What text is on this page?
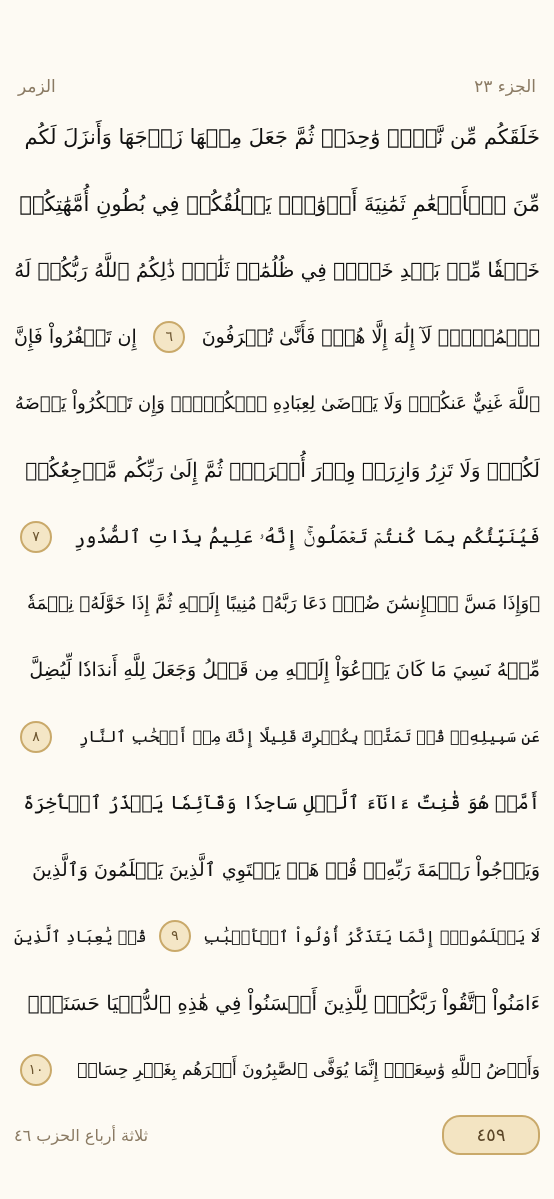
الزمر	الجزء ٢٣
خَلَقَكُم مِّن نَّفۡسٖ وَٰحِدَةٖ ثُمَّ جَعَلَ مِنۡهَا زَوۡجَهَا وَأَنزَلَ لَكُم
مِّنَ ٱلۡأَنۡعَٰمِ ثَمَٰنِيَةَ أَزۡوَٰجٖۚ يَخۡلُقُكُمۡ فِي بُطُونِ أُمَّهَٰتِكُمۡ
خَلۡقٗا مِّنۢ بَعۡدِ خَلۡقٖ فِي ظُلُمَٰتٖ ثَلَٰثٖۚ ذَٰلِكُمُ ٱللَّهُ رَبُّكُمۡ لَهُ
ٱلۡمُلۡكُۖ لَآ إِلَٰهَ إِلَّا هُوَۖ فَأَنَّىٰ تُصۡرَفُونَ
٦
إِن تَكۡفُرُواْ فَإِنَّ
ٱللَّهَ غَنِيٌّ عَنكُمۡۖ وَلَا يَرۡضَىٰ لِعِبَادِهِ ٱلۡكُفۡرَۖ وَإِن تَشۡكُرُواْ يَرۡضَهُ
لَكُمۡۗ وَلَا تَزِرُ وَازِرَةٞ وِزۡرَ أُخۡرَىٰۚ ثُمَّ إِلَىٰ رَبِّكُم مَّرۡجِعُكُمۡ
فَيُنَبِّئُكُم بِمَا كُنتُمۡ تَعۡمَلُونَۚ إِنَّهُۥ عَلِيمُۢ بِذَاتِ ٱلصُّدُورِ
٧
۞وَإِذَا مَسَّ ٱلۡإِنسَٰنَ ضُرّٞ دَعَا رَبَّهُۥ مُنِيبًا إِلَيۡهِ ثُمَّ إِذَا خَوَّلَهُۥ نِعۡمَةٗ
مِّنۡهُ نَسِيَ مَا كَانَ يَدۡعُوٓاْ إِلَيۡهِ مِن قَبۡلُ وَجَعَلَ لِلَّهِ أَندَادٗا لِّيُضِلَّ
عَن سَبِيلِهِۦۚ قُلۡ تَمَتَّعۡ بِكُفۡرِكَ قَلِيلًا إِنَّكَ مِنۡ أَصۡحَٰبِ ٱلنَّارِ
٨
أَمَّنۡ هُوَ قَٰنِتٌ ءَانَآءَ ٱلَّيۡلِ سَاجِدٗا وَقَآئِمٗا يَحۡذَرُ ٱلۡأٓخِرَةَ
وَيَرۡجُواْ رَحۡمَةَ رَبِّهِۦۗ قُلۡ هَلۡ يَسۡتَوِي ٱلَّذِينَ يَعۡلَمُونَ وَٱلَّذِينَ
لَا يَعۡلَمُونَۗ إِنَّمَا يَتَذَكَّرُ أُوْلُواْ ٱلۡأَلۡبَٰبِ
٩
قُلۡ يَٰعِبَادِ ٱلَّذِينَ
ءَامَنُواْ ٱتَّقُواْ رَبَّكُمۡۚ لِلَّذِينَ أَحۡسَنُواْ فِي هَٰذِهِ ٱلدُّنۡيَا حَسَنَةٞۗ
وَأَرۡضُ ٱللَّهِ وَٰسِعَةٌۗ إِنَّمَا يُوَفَّى ٱلصَّٰبِرُونَ أَجۡرَهُم بِغَيۡرِ حِسَابٖ
١٠
ثلاثة أرباع الحزب ٤٦	٤٥٩
